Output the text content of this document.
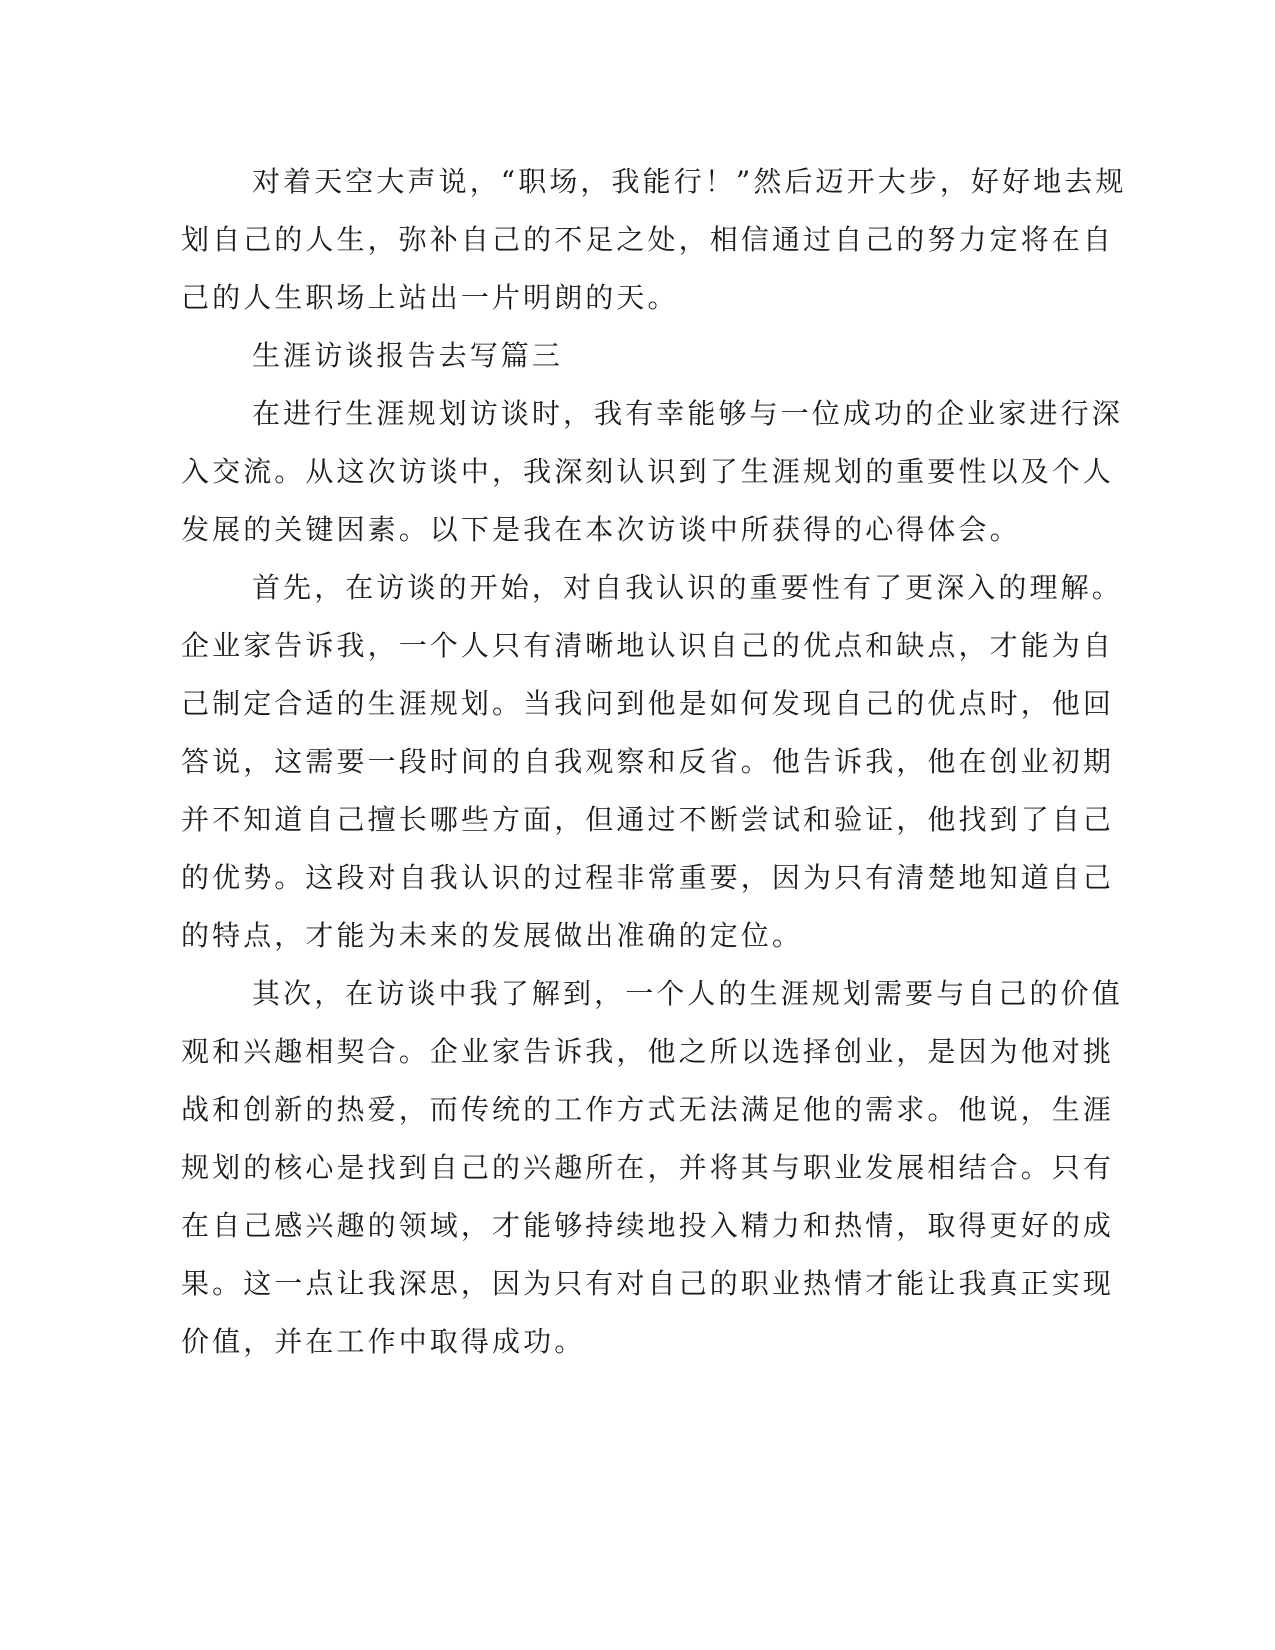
对着天空大声说，“职场，我能行！”然后迈开大步，好好地去规
划自己的人生，弥补自己的不足之处，相信通过自己的努力定将在自
己的人生职场上站出一片明朗的天。
生涯访谈报告去写篇三
在进行生涯规划访谈时，我有幸能够与一位成功的企业家进行深
入交流。从这次访谈中，我深刻认识到了生涯规划的重要性以及个人
发展的关键因素。以下是我在本次访谈中所获得的心得体会。
首先，在访谈的开始，对自我认识的重要性有了更深入的理解。
企业家告诉我，一个人只有清晰地认识自己的优点和缺点，才能为自
己制定合适的生涯规划。当我问到他是如何发现自己的优点时，他回
答说，这需要一段时间的自我观察和反省。他告诉我，他在创业初期
并不知道自己擅长哪些方面，但通过不断尝试和验证，他找到了自己
的优势。这段对自我认识的过程非常重要，因为只有清楚地知道自己
的特点，才能为未来的发展做出准确的定位。
其次，在访谈中我了解到，一个人的生涯规划需要与自己的价值
观和兴趣相契合。企业家告诉我，他之所以选择创业，是因为他对挑
战和创新的热爱，而传统的工作方式无法满足他的需求。他说，生涯
规划的核心是找到自己的兴趣所在，并将其与职业发展相结合。只有
在自己感兴趣的领域，才能够持续地投入精力和热情，取得更好的成
果。这一点让我深思，因为只有对自己的职业热情才能让我真正实现
价值，并在工作中取得成功。
